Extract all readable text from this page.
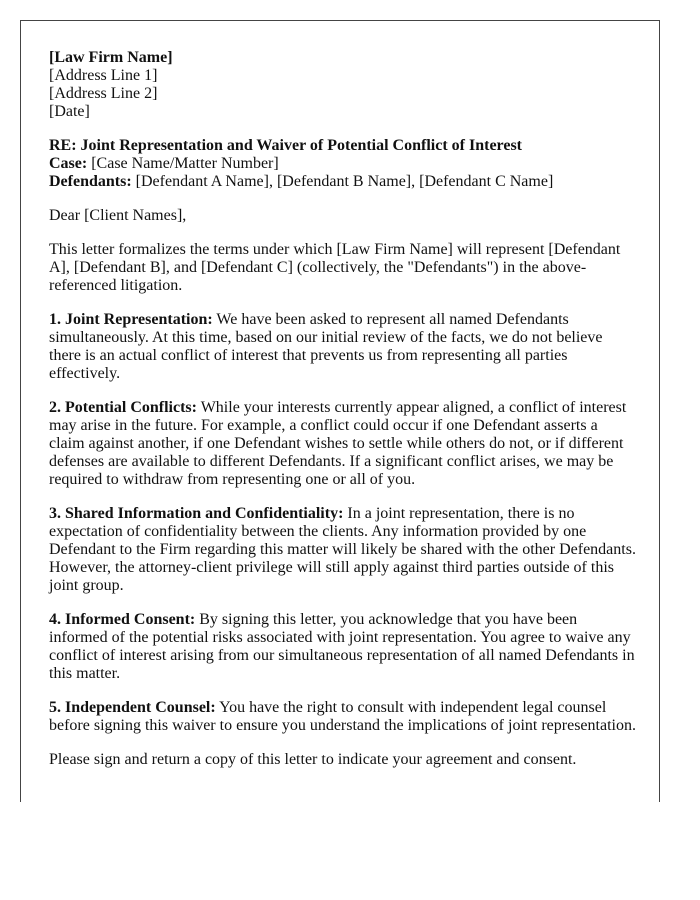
[Law Firm Name]
[Address Line 1]
[Address Line 2]
[Date]

RE: Joint Representation and Waiver of Potential Conflict of Interest
Case: [Case Name/Matter Number]
Defendants: [Defendant A Name], [Defendant B Name], [Defendant C Name]

Dear [Client Names],

This letter formalizes the terms under which [Law Firm Name] will represent [Defendant A], [Defendant B], and [Defendant C] (collectively, the "Defendants") in the above-referenced litigation.

1. Joint Representation: We have been asked to represent all named Defendants simultaneously. At this time, based on our initial review of the facts, we do not believe there is an actual conflict of interest that prevents us from representing all parties effectively.

2. Potential Conflicts: While your interests currently appear aligned, a conflict of interest may arise in the future. For example, a conflict could occur if one Defendant asserts a claim against another, if one Defendant wishes to settle while others do not, or if different defenses are available to different Defendants. If a significant conflict arises, we may be required to withdraw from representing one or all of you.

3. Shared Information and Confidentiality: In a joint representation, there is no expectation of confidentiality between the clients. Any information provided by one Defendant to the Firm regarding this matter will likely be shared with the other Defendants. However, the attorney-client privilege will still apply against third parties outside of this joint group.

4. Informed Consent: By signing this letter, you acknowledge that you have been informed of the potential risks associated with joint representation. You agree to waive any conflict of interest arising from our simultaneous representation of all named Defendants in this matter.

5. Independent Counsel: You have the right to consult with independent legal counsel before signing this waiver to ensure you understand the implications of joint representation.

Please sign and return a copy of this letter to indicate your agreement and consent.
